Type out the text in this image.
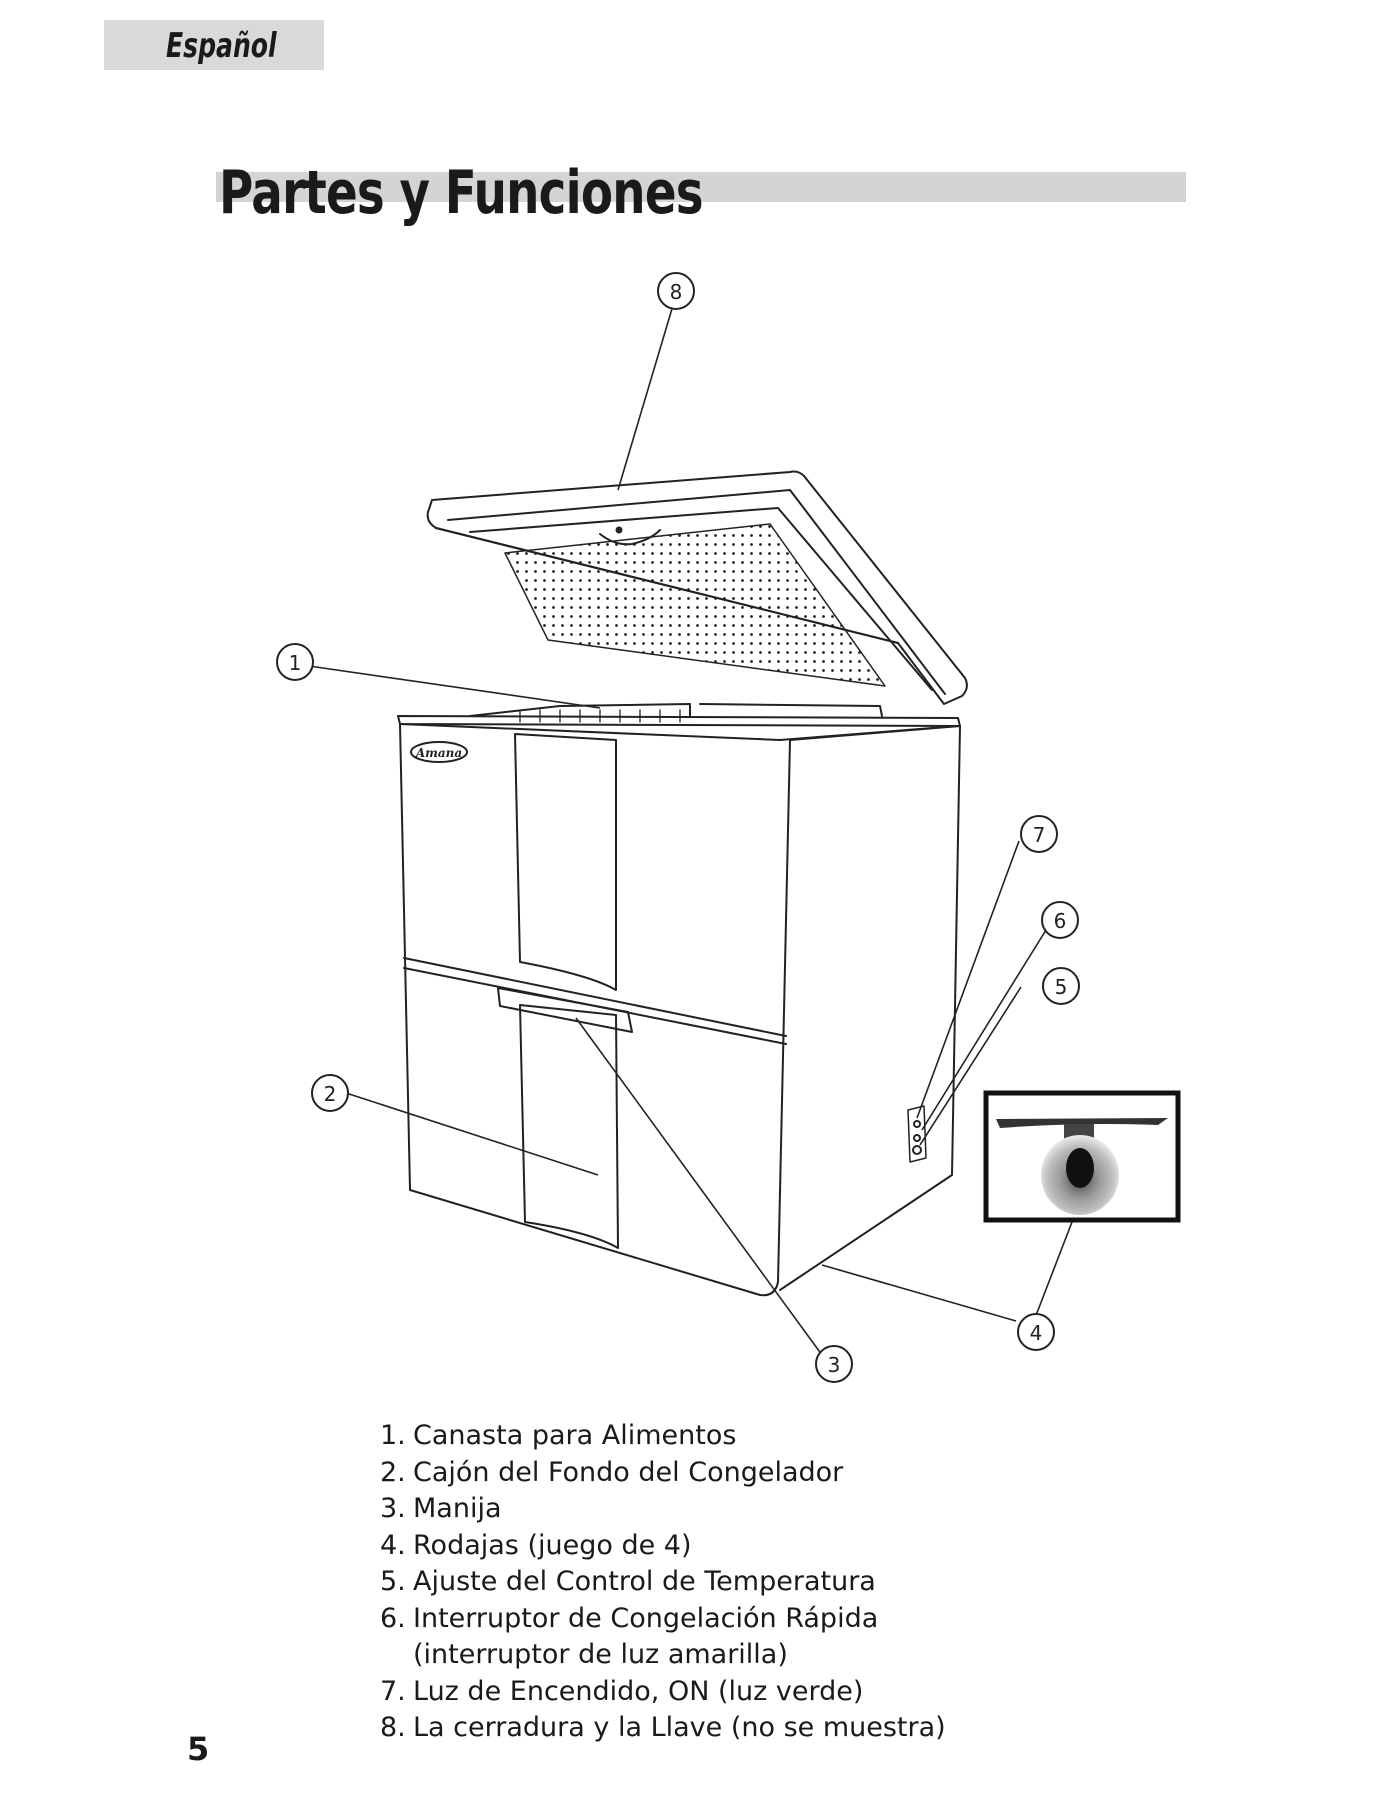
Español
Partes y Funciones
Amana
8
1
7
6
5
2
4
3
1. Canasta para Alimentos
2. Cajón del Fondo del Congelador
3. Manija
4. Rodajas (juego de 4)
5. Ajuste del Control de Temperatura
6. Interruptor de Congelación Rápida
(interruptor de luz amarilla)
7. Luz de Encendido, ON (luz verde)
8. La cerradura y la Llave (no se muestra)
5
